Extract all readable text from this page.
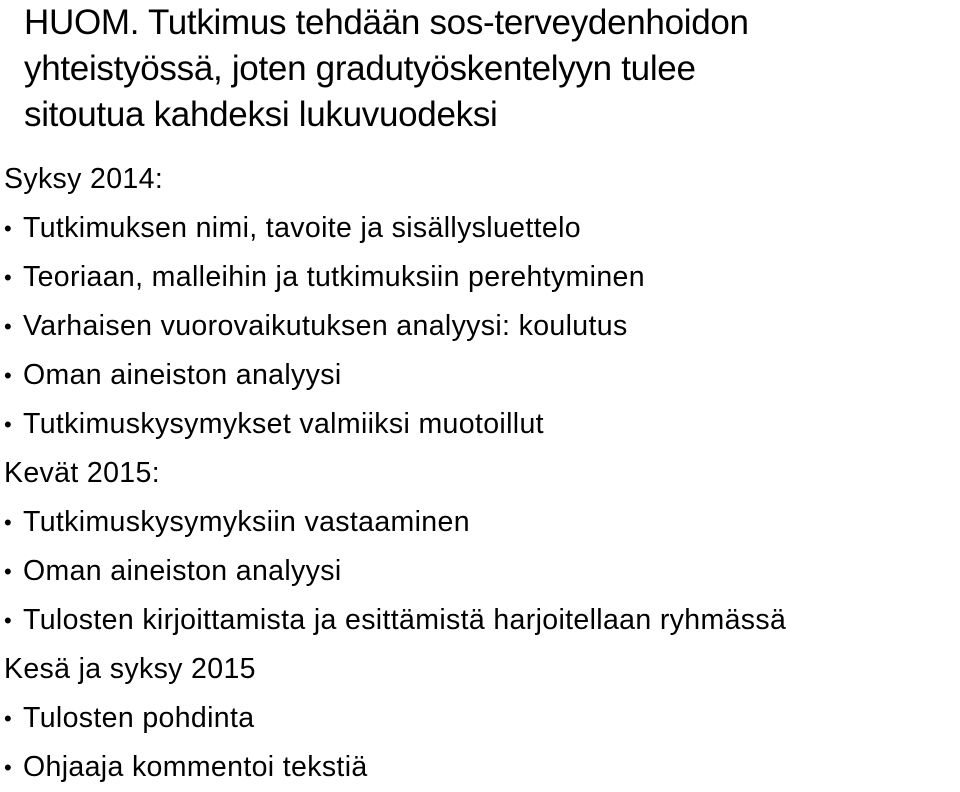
HUOM. Tutkimus tehdään sos-terveydenhoidon
yhteistyössä, joten gradutyöskentelyyn tulee
sitoutua kahdeksi lukuvuodeksi
Syksy 2014:
• Tutkimuksen nimi, tavoite ja sisällysluettelo
• Teoriaan, malleihin ja tutkimuksiin perehtyminen
• Varhaisen vuorovaikutuksen analyysi: koulutus
• Oman aineiston analyysi
• Tutkimuskysymykset valmiiksi muotoillut
Kevät 2015:
• Tutkimuskysymyksiin vastaaminen
• Oman aineiston analyysi
• Tulosten kirjoittamista ja esittämistä harjoitellaan ryhmässä
Kesä ja syksy 2015
• Tulosten pohdinta
• Ohjaaja kommentoi tekstiä
